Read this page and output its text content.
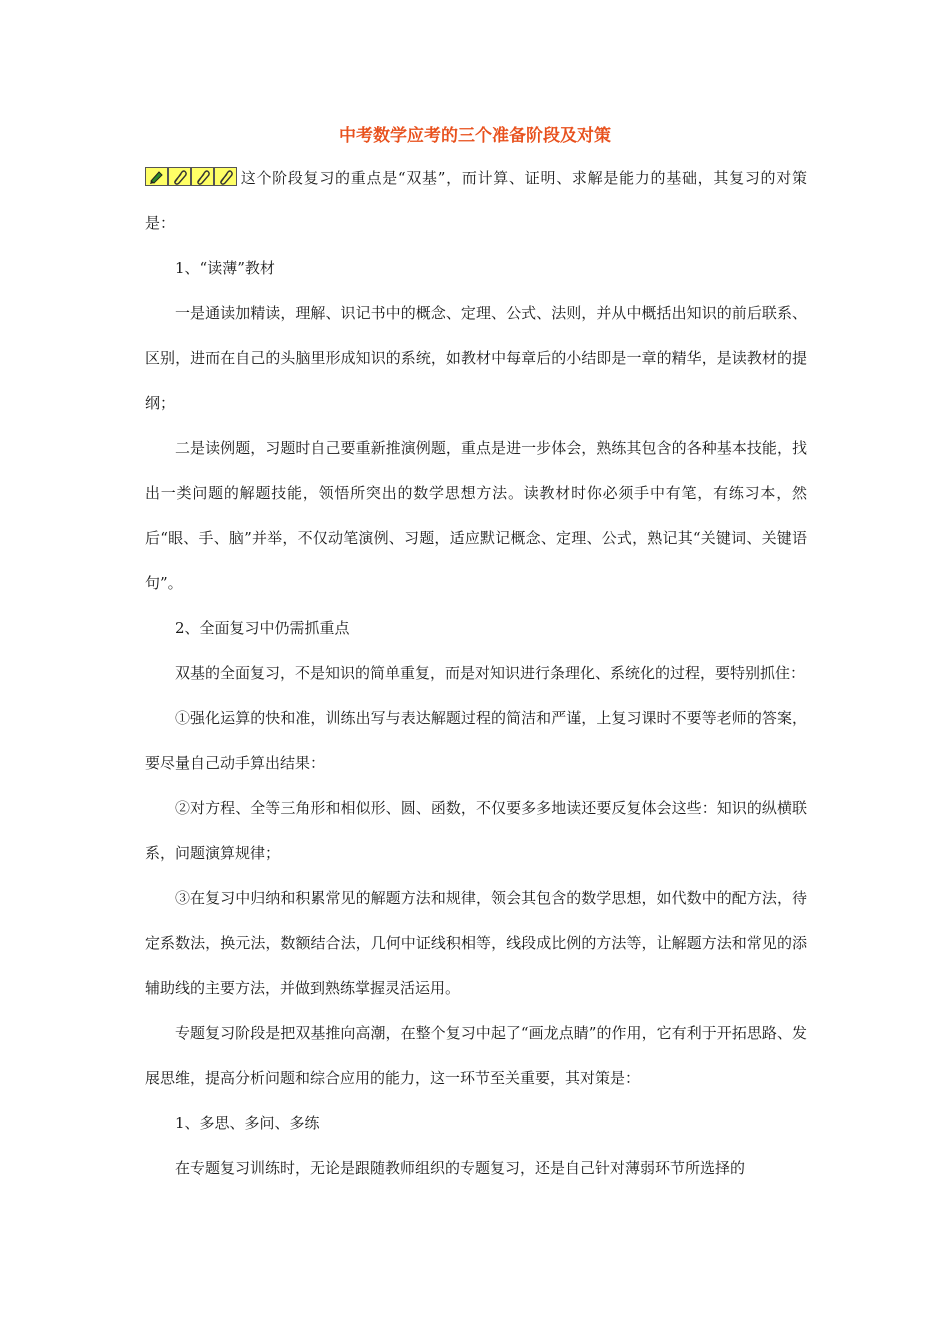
中考数学应考的三个准备阶段及对策

这个阶段复习的重点是“双基”，而计算、证明、求解是能力的基础，其复习的对策是：

1、“读薄”教材

一是通读加精读，理解、识记书中的概念、定理、公式、法则，并从中概括出知识的前后联系、区别，进而在自己的头脑里形成知识的系统，如教材中每章后的小结即是一章的精华，是读教材的提纲；

二是读例题，习题时自己要重新推演例题，重点是进一步体会，熟练其包含的各种基本技能，找出一类问题的解题技能，领悟所突出的数学思想方法。读教材时你必须手中有笔，有练习本，然后“眼、手、脑”并举，不仅动笔演例、习题，适应默记概念、定理、公式，熟记其“关键词、关键语句”。

2、全面复习中仍需抓重点

双基的全面复习，不是知识的简单重复，而是对知识进行条理化、系统化的过程，要特别抓住：

①强化运算的快和准，训练出写与表达解题过程的简洁和严谨，上复习课时不要等老师的答案，要尽量自己动手算出结果：

②对方程、全等三角形和相似形、圆、函数，不仅要多多地读还要反复体会这些：知识的纵横联系，问题演算规律；

③在复习中归纳和积累常见的解题方法和规律，领会其包含的数学思想，如代数中的配方法，待定系数法，换元法，数额结合法，几何中证线积相等，线段成比例的方法等，让解题方法和常见的添辅助线的主要方法，并做到熟练掌握灵活运用。

专题复习阶段是把双基推向高潮，在整个复习中起了“画龙点睛”的作用，它有利于开拓思路、发展思维，提高分析问题和综合应用的能力，这一环节至关重要，其对策是：

1、多思、多问、多练

在专题复习训练时，无论是跟随教师组织的专题复习，还是自己针对薄弱环节所选择的
